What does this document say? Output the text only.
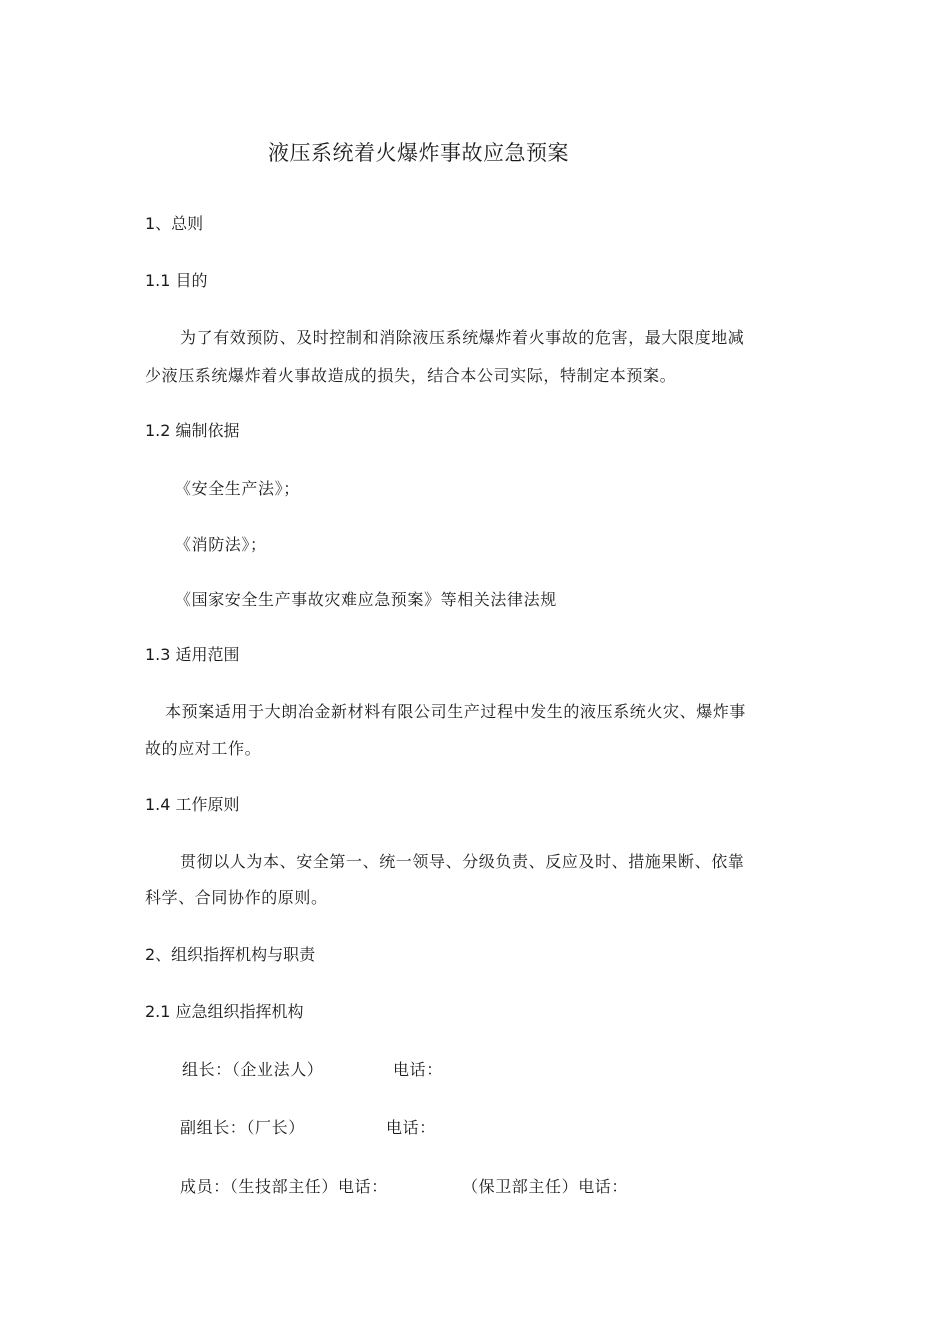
液压系统着火爆炸事故应急预案
1、总则
1.1 目的
为了有效预防、及时控制和消除液压系统爆炸着火事故的危害，最大限度地减
少液压系统爆炸着火事故造成的损失，结合本公司实际，特制定本预案。
1.2 编制依据
《安全生产法》；
《消防法》；
《国家安全生产事故灾难应急预案》等相关法律法规
1.3 适用范围
本预案适用于大朗冶金新材料有限公司生产过程中发生的液压系统火灾、爆炸事
故的应对工作。
1.4 工作原则
贯彻以人为本、安全第一、统一领导、分级负责、反应及时、措施果断、依靠
科学、合同协作的原则。
2、组织指挥机构与职责
2.1 应急组织指挥机构
组长：（企业法人）	电话：
副组长：（厂长）	电话：
成员：（生技部主任）电话：	（保卫部主任）电话：
